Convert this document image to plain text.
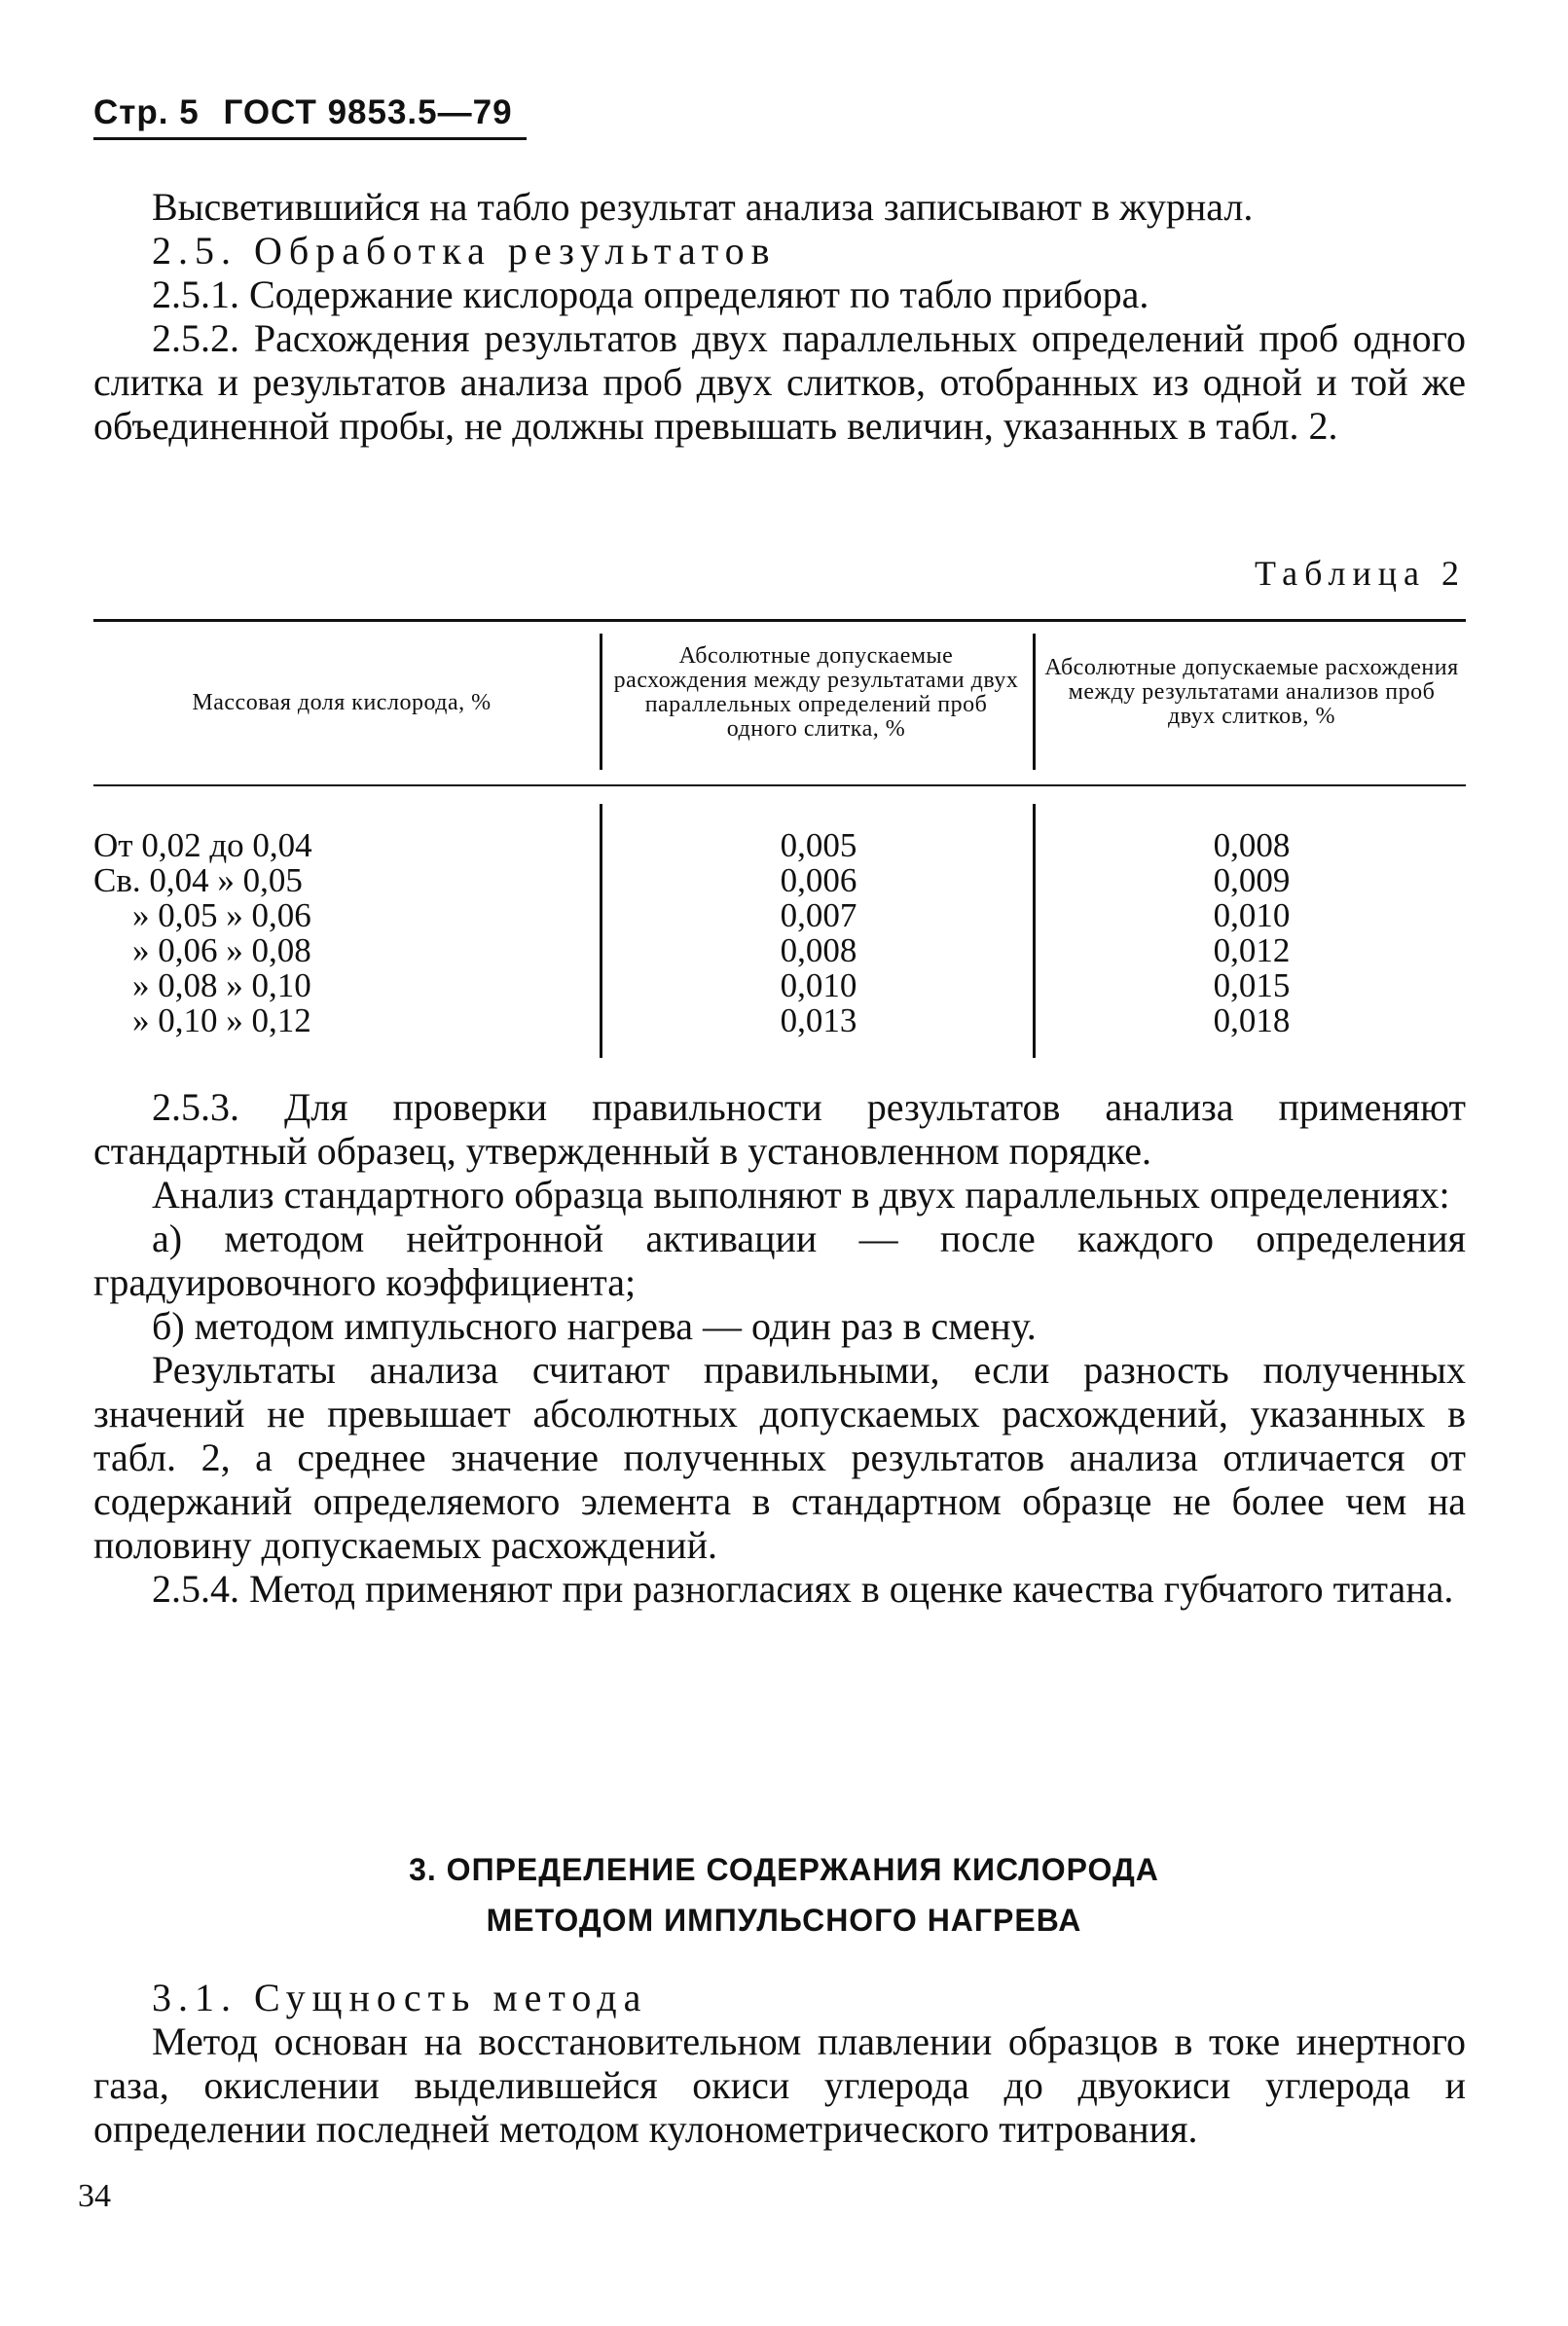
Стр. 5 ГОСТ 9853.5—79

Высветившийся на табло результат анализа записывают в журнал.

2.5. Обработка результатов

2.5.1. Содержание кислорода определяют по табло прибора.

2.5.2. Расхождения результатов двух параллельных определений проб одного слитка и результатов анализа проб двух слитков, отобранных из одной и той же объединенной пробы, не должны превышать величин, указанных в табл. 2.

Таблица 2
Массовая доля кислорода, %
Абсолютные допускаемые расхождения между результатами двух параллельных определений проб одного слитка, %
Абсолютные допускаемые расхождения между результатами анализов проб двух слитков, %
От 0,02 до 0,04
Св. 0,04 » 0,05
» 0,05 » 0,06
» 0,06 » 0,08
» 0,08 » 0,10
» 0,10 » 0,12
0,005
0,006
0,007
0,008
0,010
0,013
0,008
0,009
0,010
0,012
0,015
0,018

2.5.3. Для проверки правильности результатов анализа применяют стандартный образец, утвержденный в установленном порядке.

Анализ стандартного образца выполняют в двух параллельных определениях:

а) методом нейтронной активации — после каждого определения градуировочного коэффициента;

б) методом импульсного нагрева — один раз в смену.

Результаты анализа считают правильными, если разность полученных значений не превышает абсолютных допускаемых расхождений, указанных в табл. 2, а среднее значение полученных результатов анализа отличается от содержаний определяемого элемента в стандартном образце не более чем на половину допускаемых расхождений.

2.5.4. Метод применяют при разногласиях в оценке качества губчатого титана.

3. ОПРЕДЕЛЕНИЕ СОДЕРЖАНИЯ КИСЛОРОДА
МЕТОДОМ ИМПУЛЬСНОГО НАГРЕВА

3.1. Сущность метода

Метод основан на восстановительном плавлении образцов в токе инертного газа, окислении выделившейся окиси углерода до двуокиси углерода и определении последней методом кулонометрического титрования.

34
